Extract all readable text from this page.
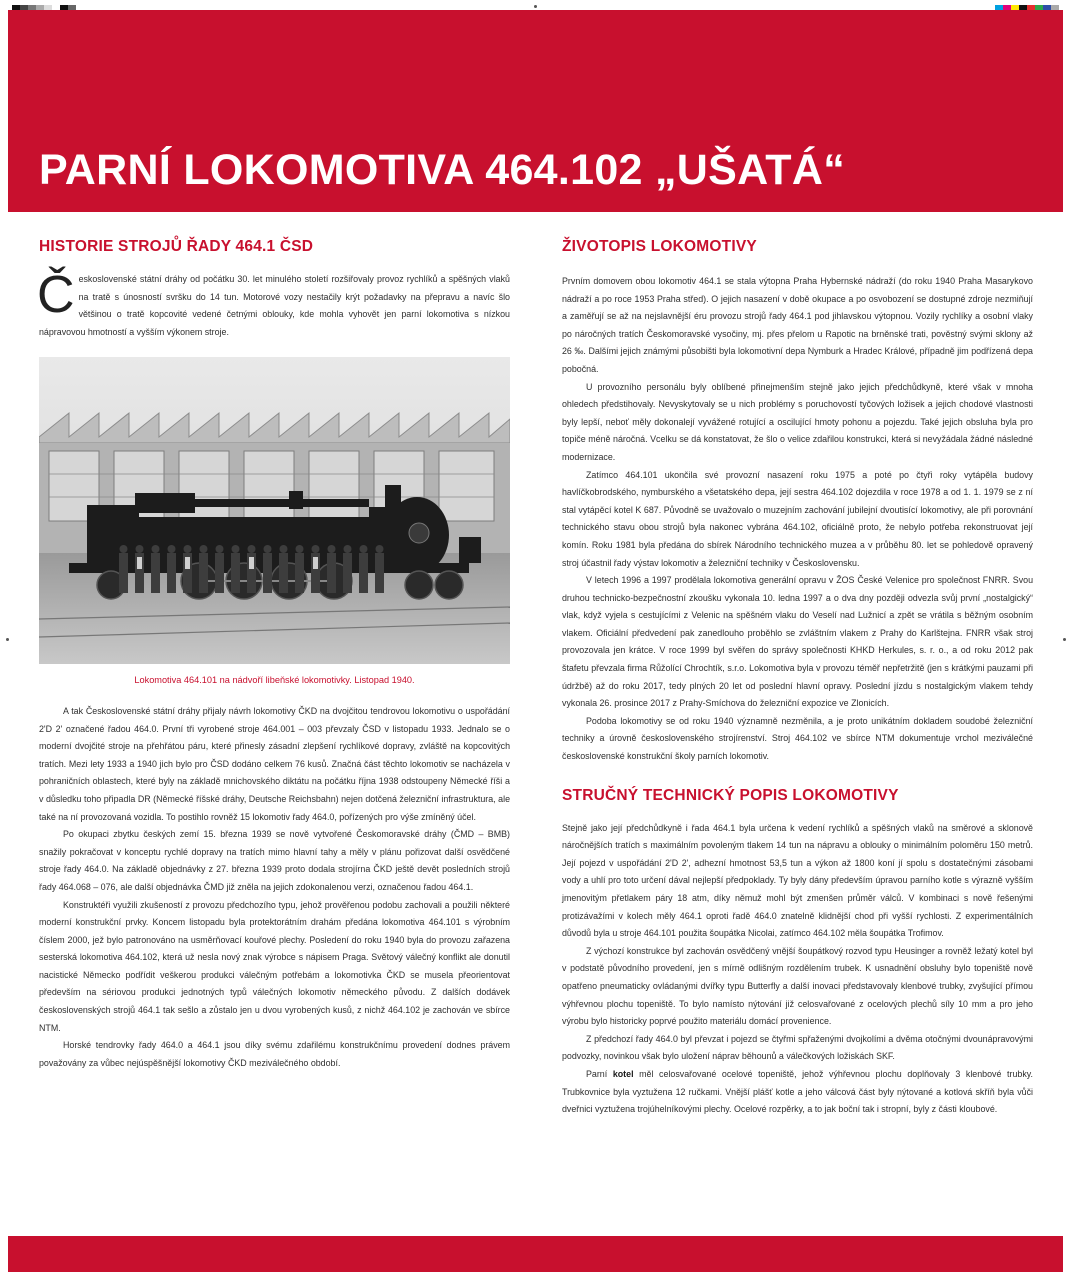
PARNÍ LOKOMOTIVA 464.102 „UŠATÁ“
HISTORIE STROJŮ ŘADY 464.1 ČSD
Č eskoslovenské státní dráhy od počátku 30. let minulého století rozšiřovaly provoz rychlíků a spěšných vlaků na tratě s únosností svršku do 14 tun. Motorové vozy nestačily krýt požadavky na přepravu a navíc šlo většinou o tratě kopcovité vedené četnými oblouky, kde mohla vyhovět jen parní lokomotiva s nízkou nápravovou hmotností a vyšším výkonem stroje.

Lokomotiva 464.101 na nádvoří libeňské lokomotivky. Listopad 1940.

A tak Československé státní dráhy přijaly návrh lokomotivy ČKD na dvojčitou tendrovou lokomotivu o uspořádání 2'D 2' označené řadou 464.0. První tři vyrobené stroje 464.001 – 003 převzaly ČSD v listopadu 1933. Jednalo se o moderní dvojčité stroje na přehřátou páru, které přinesly zásadní zlepšení rychlíkové dopravy, zvláště na kopcovitých tratích. Mezi lety 1933 a 1940 jich bylo pro ČSD dodáno celkem 76 kusů. Značná část těchto lokomotiv se nacházela v pohraničních oblastech, které byly na základě mnichovského diktátu na počátku října 1938 odstoupeny Německé říši a v důsledku toho připadla DR (Německé říšské dráhy, Deutsche Reichsbahn) nejen dotčená železniční infrastruktura, ale také na ní provozovaná vozidla. To postihlo rovněž 15 lokomotiv řady 464.0, pořízených pro výše zmíněný účel.

Po okupaci zbytku českých zemí 15. března 1939 se nově vytvořené Českomoravské dráhy (ČMD – BMB) snažily pokračovat v konceptu rychlé dopravy na tratích mimo hlavní tahy a měly v plánu pořizovat další osvědčené stroje řady 464.0. Na základě objednávky z 27. března 1939 proto dodala strojírna ČKD ještě devět posledních strojů řady 464.068 – 076, ale další objednávka ČMD již zněla na jejich zdokonalenou verzi, označenou řadou 464.1.

Konstruktéři využili zkušeností z provozu předchozího typu, jehož prověřenou podobu zachovali a použili některé moderní konstrukční prvky. Koncem listopadu byla protektorátním drahám předána lokomotiva 464.101 s výrobním číslem 2000, jež bylo patronováno na usměrňovací kouřové plechy. Posledení do roku 1940 byla do provozu zařazena sesterská lokomotiva 464.102, která už nesla nový znak výrobce s nápisem Praga. Světový válečný konflikt ale donutil nacistické Německo podřídit veškerou produkci válečným potřebám a lokomotivka ČKD se musela přeorientovat především na sériovou produkci jednotných typů válečných lokomotiv německého původu. Z dalších dodávek československých strojů 464.1 tak sešlo a zůstalo jen u dvou vyrobených kusů, z nichž 464.102 je zachován ve sbírce NTM.

Horské tendrovky řady 464.0 a 464.1 jsou díky svému zdařilému konstrukčnímu provedení dodnes právem považovány za vůbec nejúspěšnější lokomotivy ČKD meziválečného období.

ŽIVOTOPIS LOKOMOTIVY

Prvním domovem obou lokomotiv 464.1 se stala výtopna Praha Hybernské nádraží (do roku 1940 Praha Masarykovo nádraží a po roce 1953 Praha střed). O jejich nasazení v době okupace a po osvobození se dostupné zdroje nezmiňují a zaměřují se až na nejslavnější éru provozu strojů řady 464.1 pod jihlavskou výtopnou. Vozily rychlíky a osobní vlaky po náročných tratích Českomoravské vysočiny, mj. přes přelom u Rapotic na brněnské trati, pověstný svými sklony až 26 ‰. Dalšími jejich známými působišti byla lokomotivní depa Nymburk a Hradec Králové, případně jim podřízená depa pobočná.

U provozního personálu byly oblíbené přinejmenším stejně jako jejich předchůdkyně, které však v mnoha ohledech předstihovaly. Nevyskytovaly se u nich problémy s poruchovostí tyčových ložisek a jejich chodové vlastnosti byly lepší, neboť měly dokonalejí vyvážené rotující a oscilující hmoty pohonu a pojezdu. Také jejich obsluha byla pro topiče méně náročná. Vcelku se dá konstatovat, že šlo o velice zdařilou konstrukci, která si nevyžádala žádné následné modernizace.

Zatímco 464.101 ukončila své provozní nasazení roku 1975 a poté po čtyři roky vytápěla budovy havlíčkobrodského, nymburského a všetatského depa, její sestra 464.102 dojezdila v roce 1978 a od 1. 1. 1979 se z ní stal vytápěcí kotel K 687. Původně se uvažovalo o muzejním zachování jubilejní dvoutisící lokomotivy, ale při porovnání technického stavu obou strojů byla nakonec vybrána 464.102, oficiálně proto, že nebylo potřeba rekonstruovat její komín. Roku 1981 byla předána do sbírek Národního technického muzea a v průběhu 80. let se pohledově opravený stroj účastnil řady výstav lokomotiv a železniční techniky v Československu.

V letech 1996 a 1997 prodělala lokomotiva generální opravu v ŽOS České Velenice pro společnost FNRR. Svou druhou technicko-bezpečnostní zkoušku vykonala 10. ledna 1997 a o dva dny později odvezla svůj první „nostalgický“ vlak, když vyjela s cestujícími z Velenic na spěšném vlaku do Veselí nad Lužnicí a zpět se vrátila s běžným osobním vlakem. Oficiální předvedení pak zanedlouho proběhlo se zvláštním vlakem z Prahy do Karlštejna. FNRR však stroj provozovala jen krátce. V roce 1999 byl svěřen do správy společnosti KHKD Herkules, s. r. o., a od roku 2012 pak štafetu převzala firma Růžolící Chrochtík, s.r.o. Lokomotiva byla v provozu téměř nepřetržitě (jen s krátkými pauzami při údržbě) až do roku 2017, tedy plných 20 let od poslední hlavní opravy. Poslední jízdu s nostalgickým vlakem tehdy vykonala 26. prosince 2017 z Prahy-Smíchova do železniční expozice ve Zlonicích.

Podoba lokomotivy se od roku 1940 významně nezměnila, a je proto unikátním dokladem soudobé železniční techniky a úrovně československého strojírenství. Stroj 464.102 ve sbírce NTM dokumentuje vrchol meziválečné československé konstrukční školy parních lokomotiv.

STRUČNÝ TECHNICKÝ POPIS LOKOMOTIVY

Stejně jako její předchůdkyně i řada 464.1 byla určena k vedení rychlíků a spěšných vlaků na směrové a sklonově náročnějších tratích s maximálním povoleným tlakem 14 tun na nápravu a oblouky o minimálním poloměru 150 metrů. Její pojezd v uspořádání 2'D 2', adhezní hmotnost 53,5 tun a výkon až 1800 koní jí spolu s dostatečnými zásobami vody a uhlí pro toto určení dával nejlepší předpoklady. Ty byly dány především úpravou parního kotle s výrazně vyšším jmenovitým přetlakem páry 18 atm, díky němuž mohl být zmenšen průměr válců. V kombinaci s nově řešenými protizávažími v kolech měly 464.1 oproti řadě 464.0 znatelně klidnější chod při vyšší rychlosti. Z experimentálních důvodů byla u stroje 464.101 použita šoupátka Nicolai, zatímco 464.102 měla šoupátka Trofimov.

Z výchozí konstrukce byl zachován osvědčený vnější šoupátkový rozvod typu Heusinger a rovněž ležatý kotel byl v podstatě původního provedení, jen s mírně odlišným rozdělením trubek. K usnadnění obsluhy bylo topeniště nově opatřeno pneumaticky ovládanými dvířky typu Butterfly a další inovaci představovaly klenbové trubky, zvyšující přímou výhřevnou plochu topeniště. To bylo namísto nýtování již celosvařované z ocelových plechů síly 10 mm a pro jeho výrobu bylo historicky poprvé použito materiálu domácí provenience.

Z předchozí řady 464.0 byl převzat i pojezd se čtyřmi spřaženými dvojkolími a dvěma otočnými dvounápravovými podvozky, novinkou však bylo uložení náprav běhounů a válečkových ložiskách SKF.

Parní kotel měl celosvařované ocelové topeniště, jehož výhřevnou plochu doplňovaly 3 klenbové trubky. Trubkovnice byla vyztužena 12 ručkami. Vnější plášť kotle a jeho válcová část byly nýtované a kotlová skříň byla vůči dveřnici vyztužena trojúhelníkovými plechy. Ocelové rozpěrky, a to jak boční tak i stropní, byly z části kloubové.
